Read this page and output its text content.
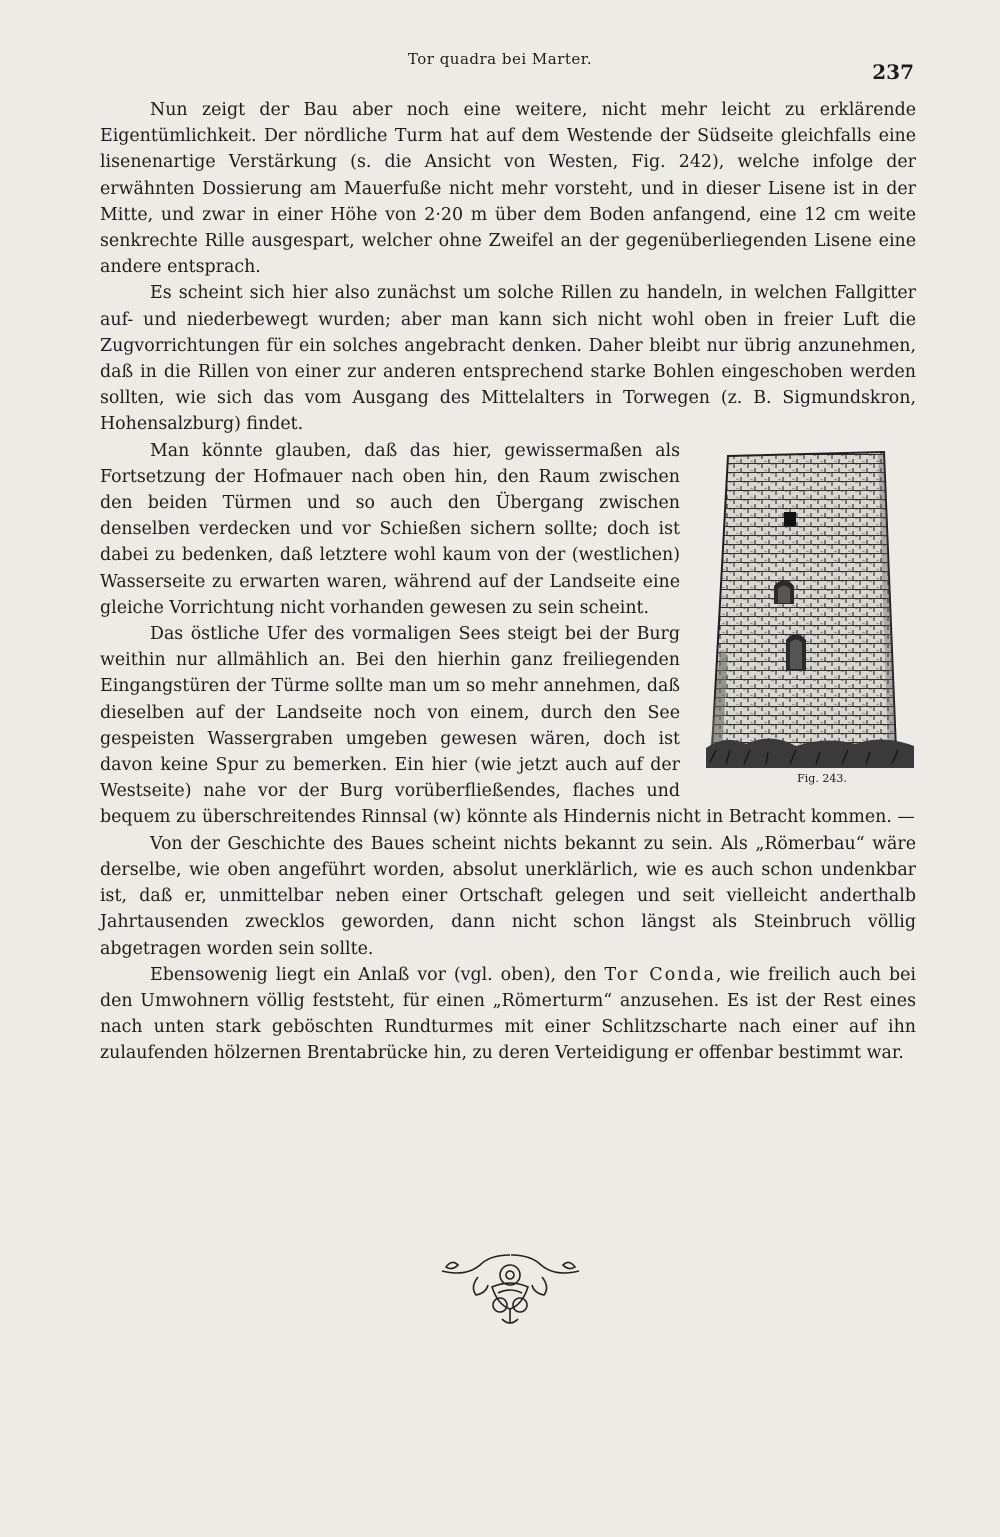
Tor quadra bei Marter.
237

Nun zeigt der Bau aber noch eine weitere, nicht mehr leicht zu erklärende Eigentümlichkeit. Der nördliche Turm hat auf dem Westende der Südseite gleichfalls eine lisenenartige Verstärkung (s. die Ansicht von Westen, Fig. 242), welche infolge der erwähnten Dossierung am Mauerfuße nicht mehr vorsteht, und in dieser Lisene ist in der Mitte, und zwar in einer Höhe von 2·20 m über dem Boden anfangend, eine 12 cm weite senkrechte Rille ausgespart, welcher ohne Zweifel an der gegenüberliegenden Lisene eine andere entsprach.

Es scheint sich hier also zunächst um solche Rillen zu handeln, in welchen Fallgitter auf- und niederbewegt wurden; aber man kann sich nicht wohl oben in freier Luft die Zugvorrichtungen für ein solches angebracht denken. Daher bleibt nur übrig anzunehmen, daß in die Rillen von einer zur anderen entsprechend starke Bohlen eingeschoben werden sollten, wie sich das vom Ausgang des Mittelalters in Torwegen (z. B. Sigmundskron, Hohensalzburg) findet.

Fig. 243.

Man könnte glauben, daß das hier, gewissermaßen als Fortsetzung der Hofmauer nach oben hin, den Raum zwischen den beiden Türmen und so auch den Übergang zwischen denselben verdecken und vor Schießen sichern sollte; doch ist dabei zu bedenken, daß letztere wohl kaum von der (westlichen) Wasserseite zu erwarten waren, während auf der Landseite eine gleiche Vorrichtung nicht vorhanden gewesen zu sein scheint.

Das östliche Ufer des vormaligen Sees steigt bei der Burg weithin nur allmählich an. Bei den hierhin ganz freiliegenden Eingangstüren der Türme sollte man um so mehr annehmen, daß dieselben auf der Landseite noch von einem, durch den See gespeisten Wassergraben umgeben gewesen wären, doch ist davon keine Spur zu bemerken. Ein hier (wie jetzt auch auf der Westseite) nahe vor der Burg vorüberfließendes, flaches und bequem zu überschreitendes Rinnsal (w) könnte als Hindernis nicht in Betracht kommen. —

Von der Geschichte des Baues scheint nichts bekannt zu sein. Als „Römerbau“ wäre derselbe, wie oben angeführt worden, absolut unerklärlich, wie es auch schon undenkbar ist, daß er, unmittelbar neben einer Ortschaft gelegen und seit vielleicht anderthalb Jahrtausenden zwecklos geworden, dann nicht schon längst als Steinbruch völlig abgetragen worden sein sollte.

Ebensowenig liegt ein Anlaß vor (vgl. oben), den Tor Conda, wie freilich auch bei den Umwohnern völlig feststeht, für einen „Römerturm“ anzusehen. Es ist der Rest eines nach unten stark geböschten Rundturmes mit einer Schlitzscharte nach einer auf ihn zulaufenden hölzernen Brentabrücke hin, zu deren Verteidigung er offenbar bestimmt war.
